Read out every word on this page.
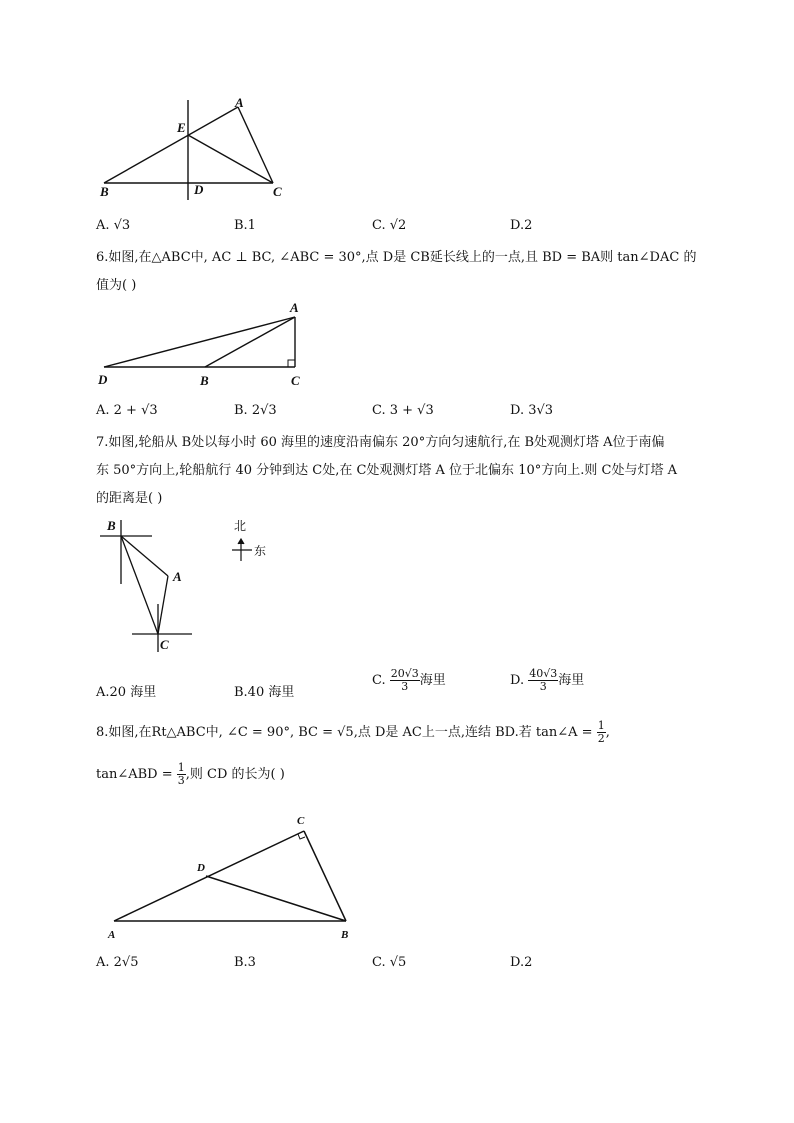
A
E
B	D	C
A. √3	B.1	C. √2	D.2
6.如图,在△ABC中, AC ⊥ BC, ∠ABC = 30°,点 D是 CB延长线上的一点,且 BD = BA则 tan∠DAC 的
值为( )
A
D	B	C
A. 2 + √3	B. 2√3	C. 3 + √3	D. 3√3
7.如图,轮船从 B处以每小时 60 海里的速度沿南偏东 20°方向匀速航行,在 B处观测灯塔 A位于南偏
东 50°方向上,轮船航行 40 分钟到达 C处,在 C处观测灯塔 A 位于北偏东 10°方向上.则 C处与灯塔 A
的距离是( )
B
A
C
北
东
A.20 海里	B.40 海里
C. $\frac{20√3}{3}$ 海里	D. $\frac{40√3}{3}$ 海里
8.如图,在Rt△ABC中, ∠C = 90°, BC = √5,点 D是 AC上一点,连结 BD.若 tan∠A = $\frac{1}{2}$ ,
tan∠ABD = $\frac{1}{3}$ ,则 CD 的长为( )
C
D
A	B
A. 2√5	B.3	C. √5	D.2
